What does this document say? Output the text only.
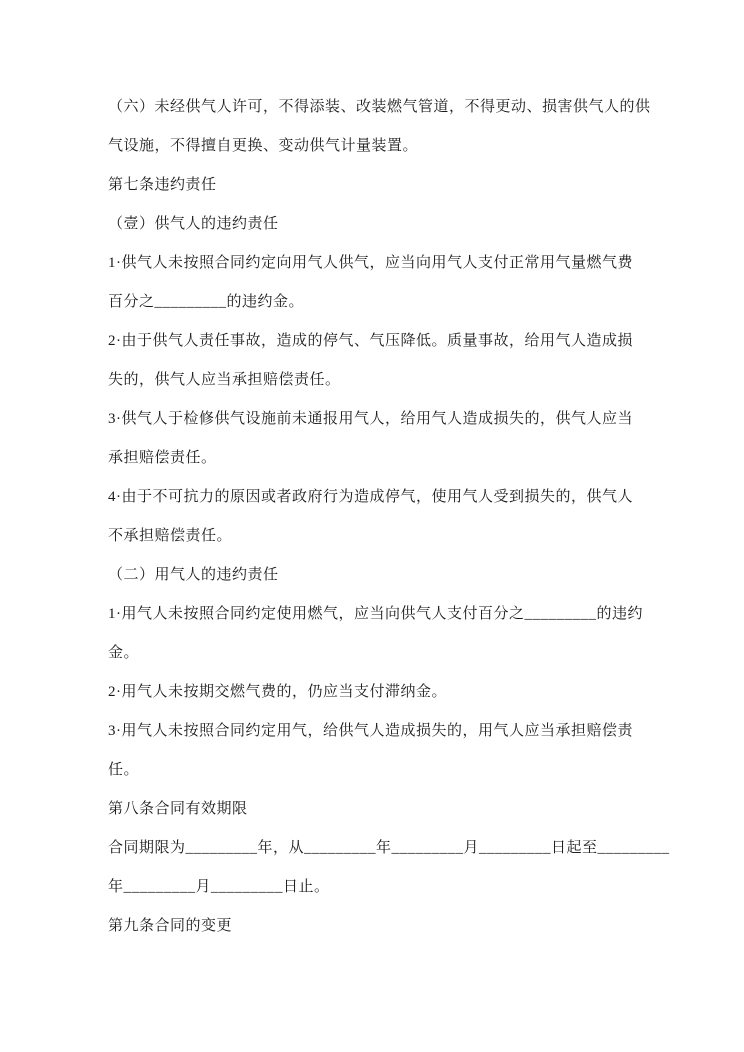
（六）未经供气人许可，不得添装、改装燃气管道，不得更动、损害供气人的供
气设施，不得擅自更换、变动供气计量装置。
第七条违约责任
（壹）供气人的违约责任
1·供气人未按照合同约定向用气人供气，应当向用气人支付正常用气量燃气费
百分之_________的违约金。
2·由于供气人责任事故，造成的停气、气压降低。质量事故，给用气人造成损
失的，供气人应当承担赔偿责任。
3·供气人于检修供气设施前未通报用气人，给用气人造成损失的，供气人应当
承担赔偿责任。
4·由于不可抗力的原因或者政府行为造成停气，使用气人受到损失的，供气人
不承担赔偿责任。
（二）用气人的违约责任
1·用气人未按照合同约定使用燃气，应当向供气人支付百分之_________的违约
金。
2·用气人未按期交燃气费的，仍应当支付滞纳金。
3·用气人未按照合同约定用气，给供气人造成损失的，用气人应当承担赔偿责
任。
第八条合同有效期限
合同期限为_________年，从_________年_________月_________日起至_________
年_________月_________日止。
第九条合同的变更
